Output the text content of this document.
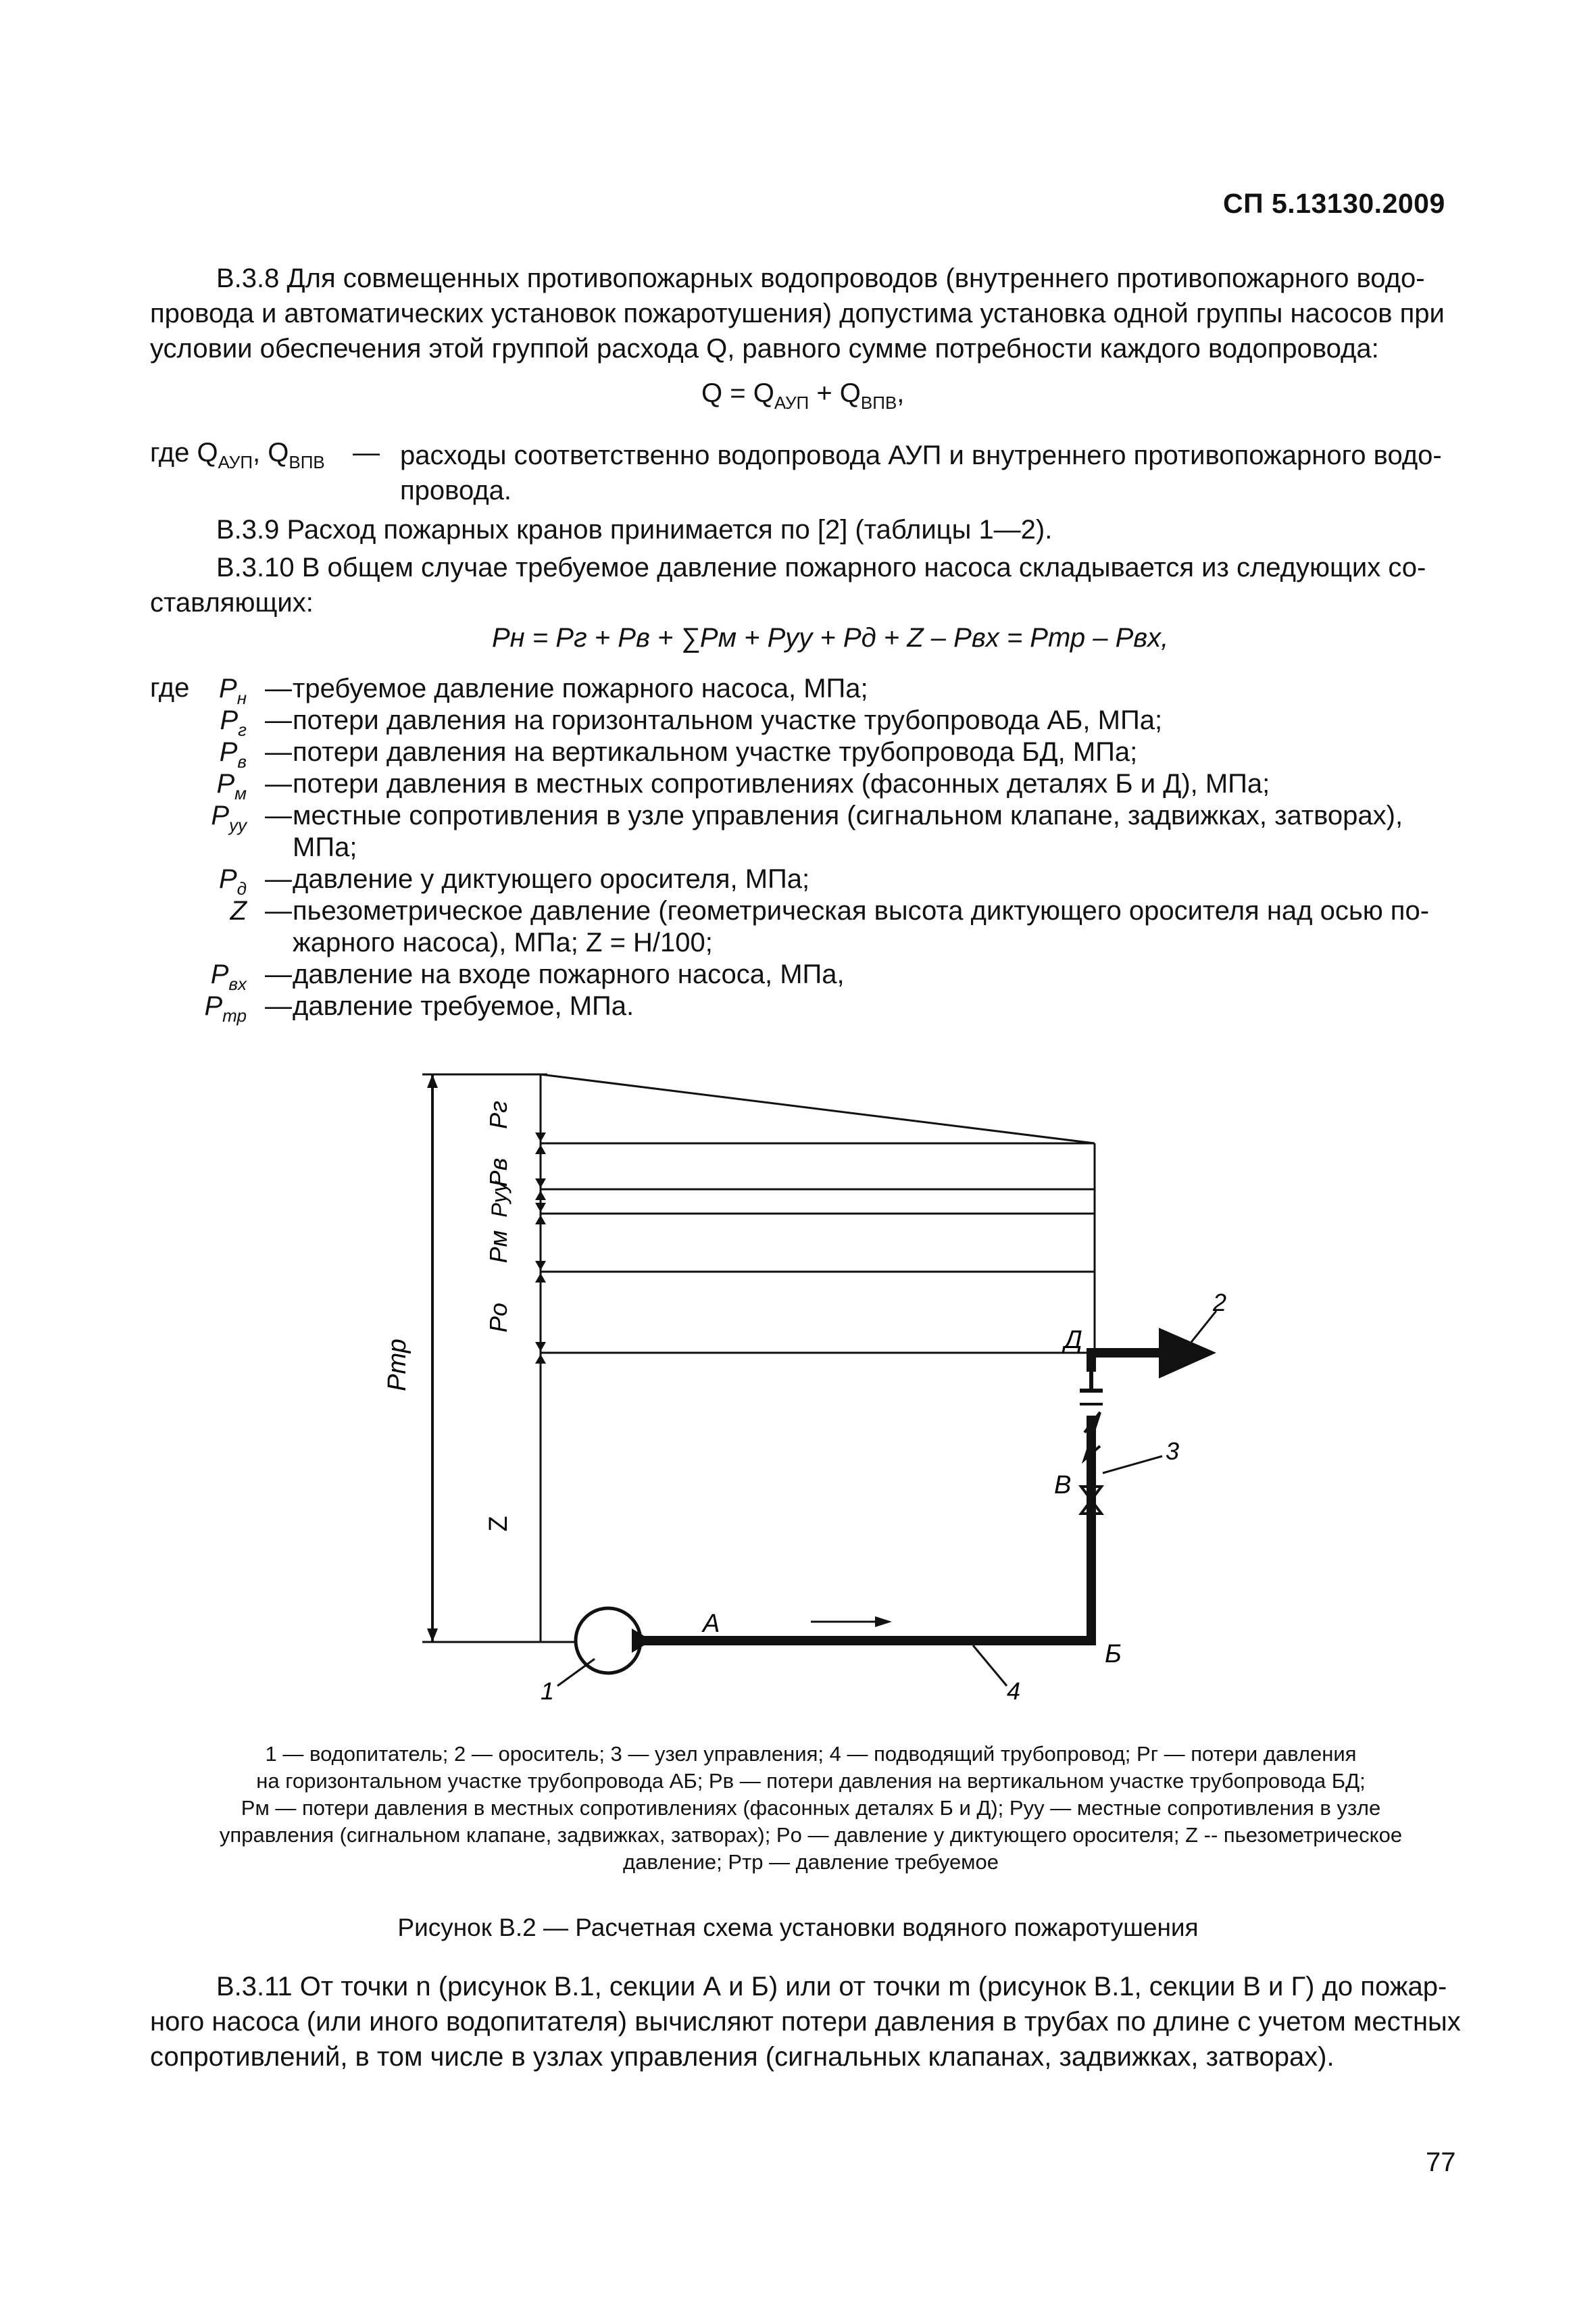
СП 5.13130.2009
В.3.8 Для совмещенных противопожарных водопроводов (внутреннего противопожарного водо-
провода и автоматических установок пожаротушения) допустима установка одной группы насосов при
условии обеспечения этой группой расхода Q, равного сумме потребности каждого водопровода:
$Q = Q_{АУП} + Q_{ВПВ}$,
где $Q_{АУП}$, $Q_{ВПВ}$ — расходы соответственно водопровода АУП и внутреннего противопожарного водо-
провода.
В.3.9 Расход пожарных кранов принимается по [2] (таблицы 1—2).
В.3.10 В общем случае требуемое давление пожарного насоса складывается из следующих со-
ставляющих:
Pн = Pг + Pв + ∑Pм + Pуу + Pд + Z – Pвх = Pтр – Pвх,
где $P_н$ — требуемое давление пожарного насоса, МПа;
$P_г$ — потери давления на горизонтальном участке трубопровода АБ, МПа;
$P_в$ — потери давления на вертикальном участке трубопровода БД, МПа;
$P_м$ — потери давления в местных сопротивлениях (фасонных деталях Б и Д), МПа;
$P_{уу}$ — местные сопротивления в узле управления (сигнальном клапане, задвижках, затворах),
МПа;
$P_д$ — давление у диктующего оросителя, МПа;
Z — пьезометрическое давление (геометрическая высота диктующего оросителя над осью по-
жарного насоса), МПа; Z = H/100;
$P_{вх}$ — давление на входе пожарного насоса, МПа,
$P_{тр}$ — давление требуемое, МПа.
Pг
Pв
Pуу
Pм
Pо
Z
Pтр	Д
В
А
Б
1
2
3
4
1 — водопитатель; 2 — ороситель; 3 — узел управления; 4 — подводящий трубопровод; Pг — потери давления
на горизонтальном участке трубопровода АБ; Pв — потери давления на вертикальном участке трубопровода БД;
Pм — потери давления в местных сопротивлениях (фасонных деталях Б и Д); Pуу — местные сопротивления в узле
управления (сигнальном клапане, задвижках, затворах); Pо — давление у диктующего оросителя; Z -- пьезометрическое
давление; Pтр — давление требуемое
Рисунок В.2 — Расчетная схема установки водяного пожаротушения
В.3.11 От точки n (рисунок В.1, секции А и Б) или от точки m (рисунок В.1, секции В и Г) до пожар-
ного насоса (или иного водопитателя) вычисляют потери давления в трубах по длине с учетом местных
сопротивлений, в том числе в узлах управления (сигнальных клапанах, задвижках, затворах).
77
